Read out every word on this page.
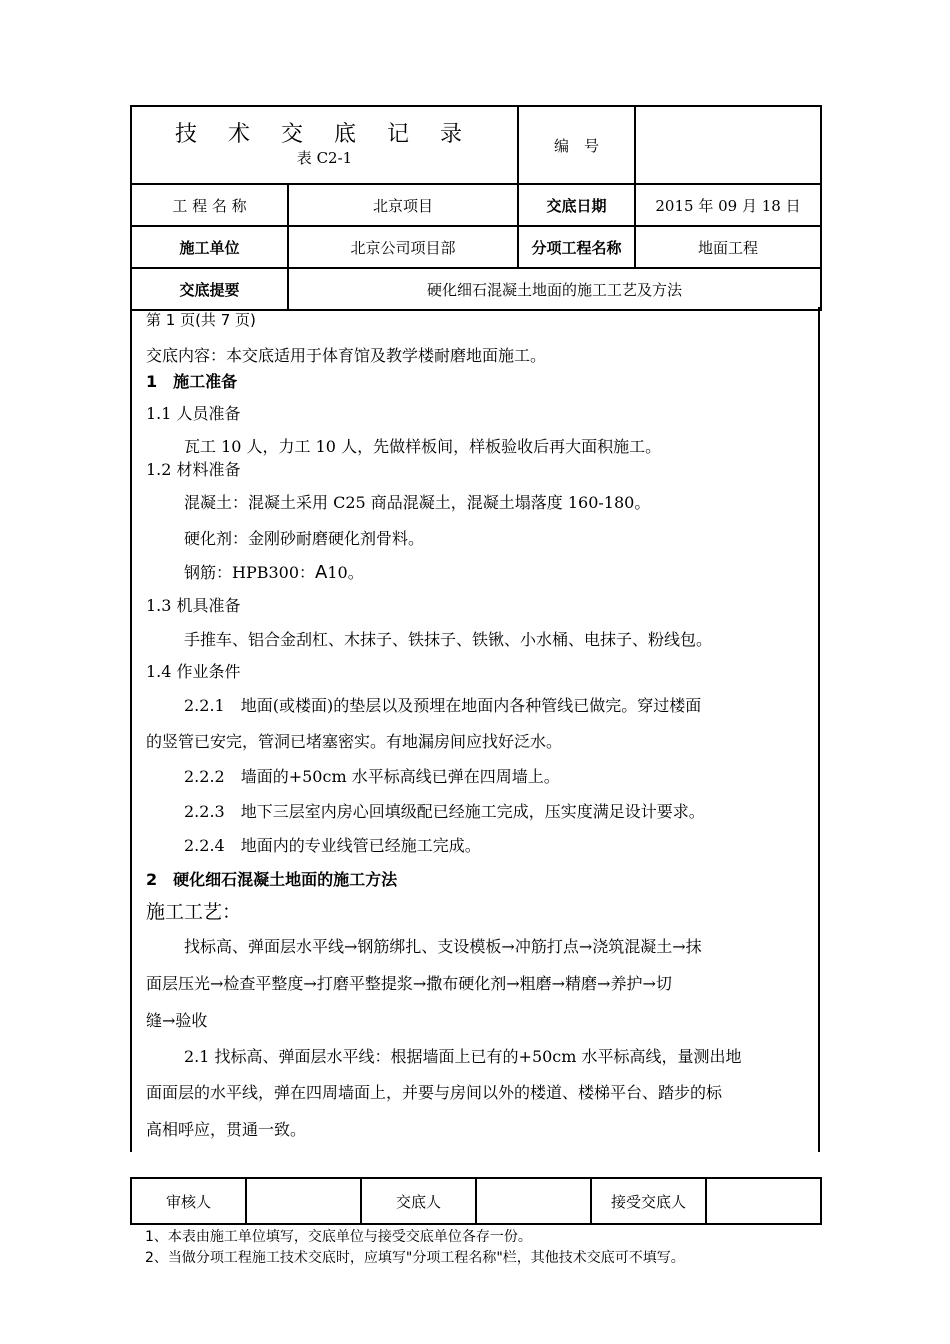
技 术 交 底 记 录
表 C2-1		编　号	
工 程 名 称	北京项目	交底日期	2015 年 09 月 18 日
施工单位	北京公司项目部	分项工程名称	地面工程
交底提要	硬化细石混凝土地面的施工工艺及方法		
第 1 页(共 7 页)
交底内容：本交底适用于体育馆及教学楼耐磨地面施工。
1　施工准备
1.1 人员准备
瓦工 10 人，力工 10 人，先做样板间，样板验收后再大面积施工。
1.2 材料准备
混凝土：混凝土采用 C25 商品混凝土，混凝土塌落度 160-180。
硬化剂：金刚砂耐磨硬化剂骨料。
钢筋：HPB300：A10。
1.3 机具准备
手推车、铝合金刮杠、木抹子、铁抹子、铁锹、小水桶、电抹子、粉线包。
1.4 作业条件
2.2.1　地面(或楼面)的垫层以及预埋在地面内各种管线已做完。穿过楼面
的竖管已安完，管洞已堵塞密实。有地漏房间应找好泛水。
2.2.2　墙面的+50cm 水平标高线已弹在四周墙上。
2.2.3　地下三层室内房心回填级配已经施工完成，压实度满足设计要求。
2.2.4　地面内的专业线管已经施工完成。
2　硬化细石混凝土地面的施工方法
施工工艺：
找标高、弹面层水平线→钢筋绑扎、支设模板→冲筋打点→浇筑混凝土→抹
面层压光→检查平整度→打磨平整提浆→撒布硬化剂→粗磨→精磨→养护→切
缝→验收
2.1 找标高、弹面层水平线：根据墙面上已有的+50cm 水平标高线，量测出地
面面层的水平线，弹在四周墙面上，并要与房间以外的楼道、楼梯平台、踏步的标
高相呼应，贯通一致。
审核人		交底人		接受交底人	
1、本表由施工单位填写，交底单位与接受交底单位各存一份。
2、当做分项工程施工技术交底时，应填写"分项工程名称"栏，其他技术交底可不填写。
